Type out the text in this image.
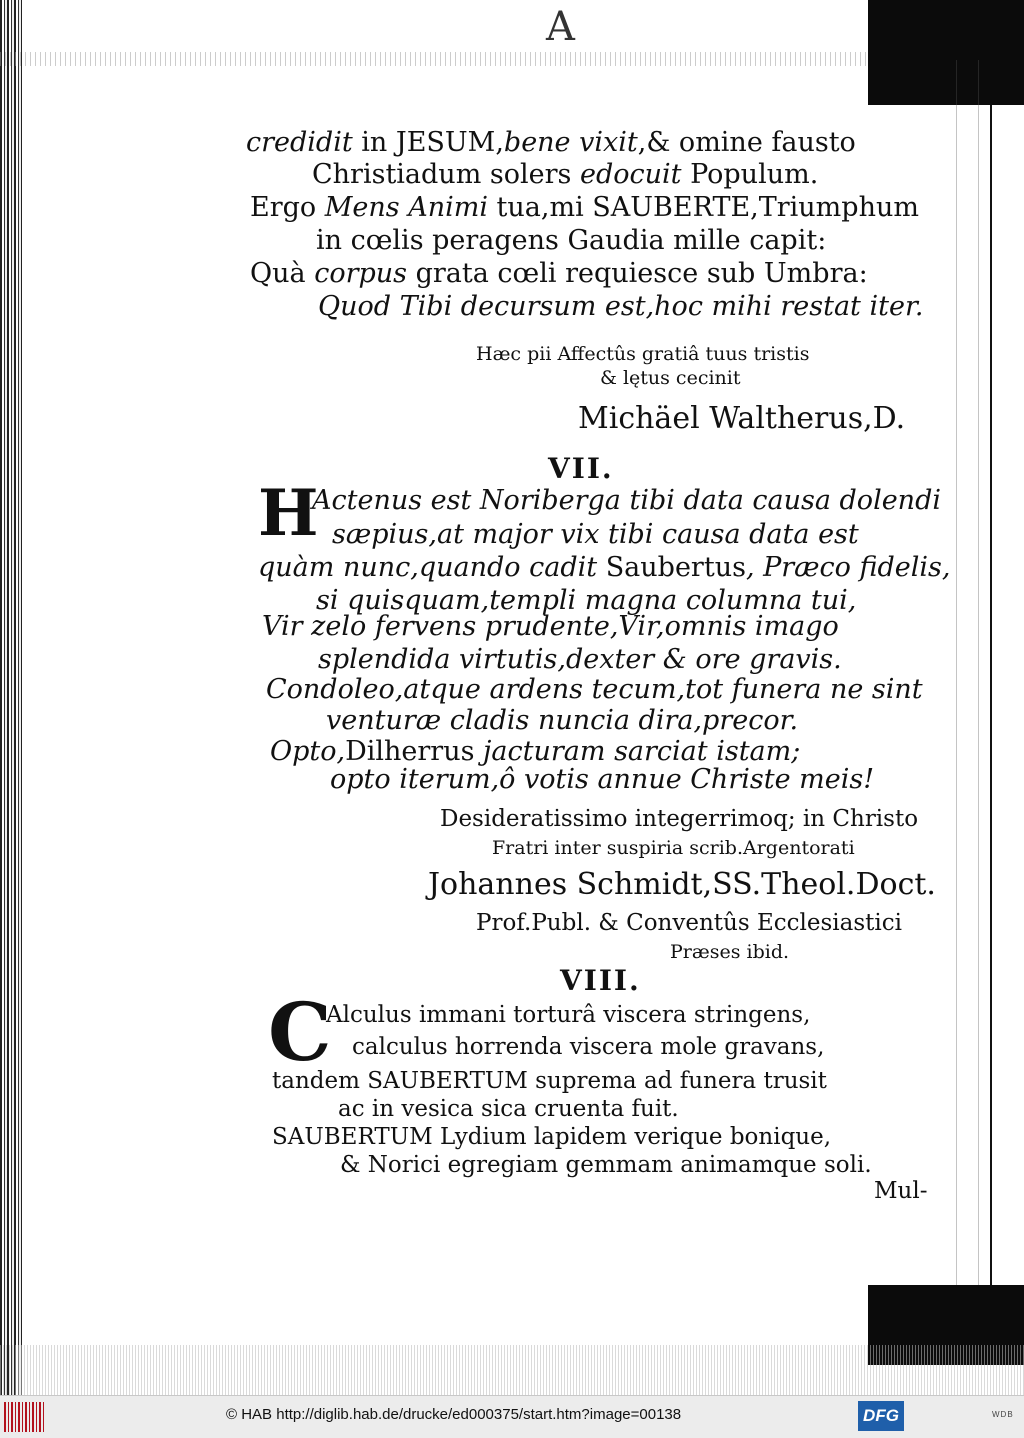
A
credidit in JESUM,bene vixit,& omine fausto
Christiadum solers edocuit Populum.
Ergo Mens Animi tua,mi SAUBERTE,Triumphum
in cœlis peragens Gaudia mille capit:
Quà corpus grata cœli requiesce sub Umbra:
Quod Tibi decursum est,hoc mihi restat iter.
Hæc pii Affectûs gratiâ tuus tristis
& lętus cecinit
Michäel Waltherus,D.
VII.
H
Actenus est Noriberga tibi data causa dolendi
sæpius,at major vix tibi causa data est
quàm nunc,quando cadit Saubertus, Præco fidelis,
si quisquam,templi magna columna tui,
Vir zelo fervens prudente,Vir,omnis imago
splendida virtutis,dexter & ore gravis.
Condoleo,atque ardens tecum,tot funera ne sint
venturæ cladis nuncia dira,precor.
Opto,Dilherrus jacturam sarciat istam;
opto iterum,ô votis annue Christe meis!
Desideratissimo integerrimoq; in Christo
Fratri inter suspiria scrib.Argentorati
Johannes Schmidt,SS.Theol.Doct.
Prof.Publ. & Conventûs Ecclesiastici
Præses ibid.
VIII.
C
Alculus immani torturâ viscera stringens,
calculus horrenda viscera mole gravans,
tandem SAUBERTUM suprema ad funera trusit
ac in vesica sica cruenta fuit.
SAUBERTUM Lydium lapidem verique bonique,
& Norici egregiam gemmam animamque soli.
Mul-
© HAB http://diglib.hab.de/drucke/ed000375/start.htm?image=00138	DFG	WDB
